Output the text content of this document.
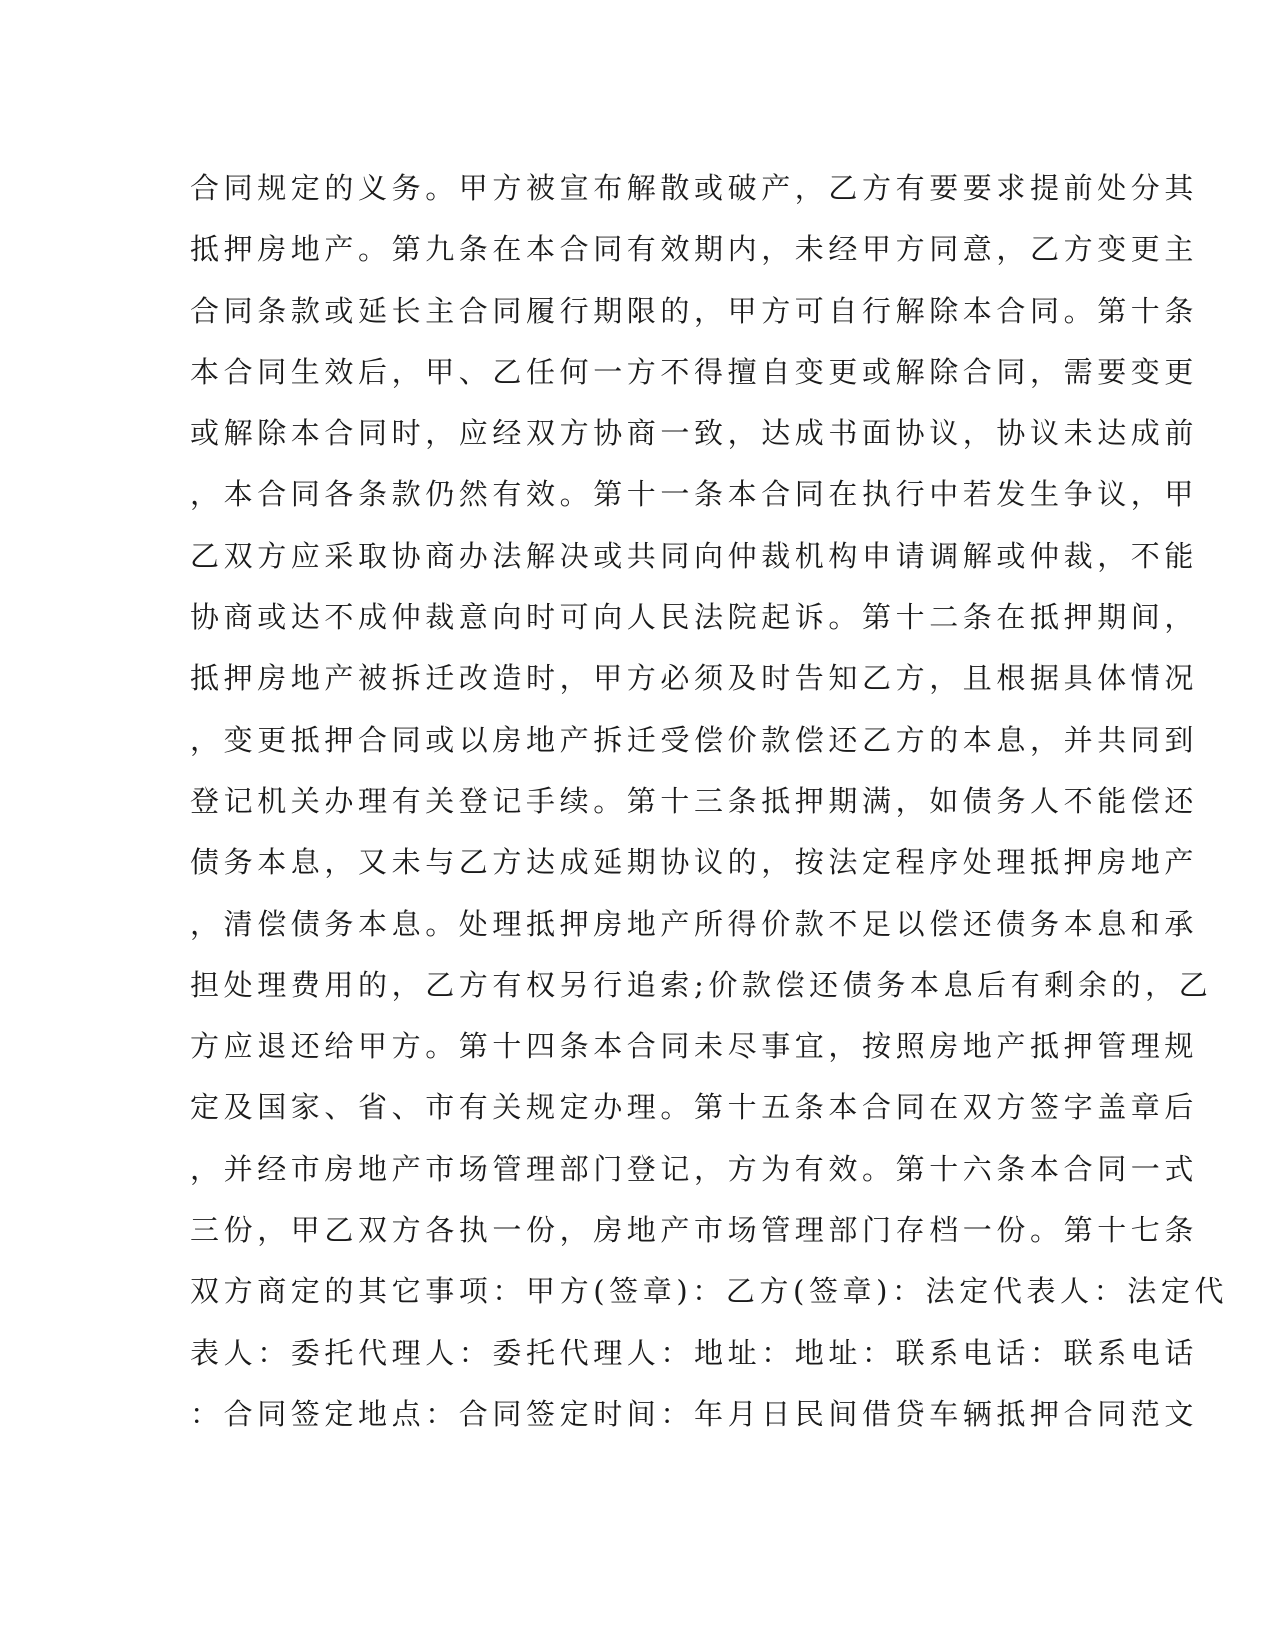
合同规定的义务。甲方被宣布解散或破产，乙方有要要求提前处分其
抵押房地产。第九条在本合同有效期内，未经甲方同意，乙方变更主
合同条款或延长主合同履行期限的，甲方可自行解除本合同。第十条
本合同生效后，甲、乙任何一方不得擅自变更或解除合同，需要变更
或解除本合同时，应经双方协商一致，达成书面协议，协议未达成前
，本合同各条款仍然有效。第十一条本合同在执行中若发生争议，甲
乙双方应采取协商办法解决或共同向仲裁机构申请调解或仲裁，不能
协商或达不成仲裁意向时可向人民法院起诉。第十二条在抵押期间，
抵押房地产被拆迁改造时，甲方必须及时告知乙方，且根据具体情况
，变更抵押合同或以房地产拆迁受偿价款偿还乙方的本息，并共同到
登记机关办理有关登记手续。第十三条抵押期满，如债务人不能偿还
债务本息，又未与乙方达成延期协议的，按法定程序处理抵押房地产
，清偿债务本息。处理抵押房地产所得价款不足以偿还债务本息和承
担处理费用的，乙方有权另行追索;价款偿还债务本息后有剩余的，乙
方应退还给甲方。第十四条本合同未尽事宜，按照房地产抵押管理规
定及国家、省、市有关规定办理。第十五条本合同在双方签字盖章后
，并经市房地产市场管理部门登记，方为有效。第十六条本合同一式
三份，甲乙双方各执一份，房地产市场管理部门存档一份。第十七条
双方商定的其它事项：甲方(签章)：乙方(签章)：法定代表人：法定代
表人：委托代理人：委托代理人：地址：地址：联系电话：联系电话
：合同签定地点：合同签定时间：年月日民间借贷车辆抵押合同范文
